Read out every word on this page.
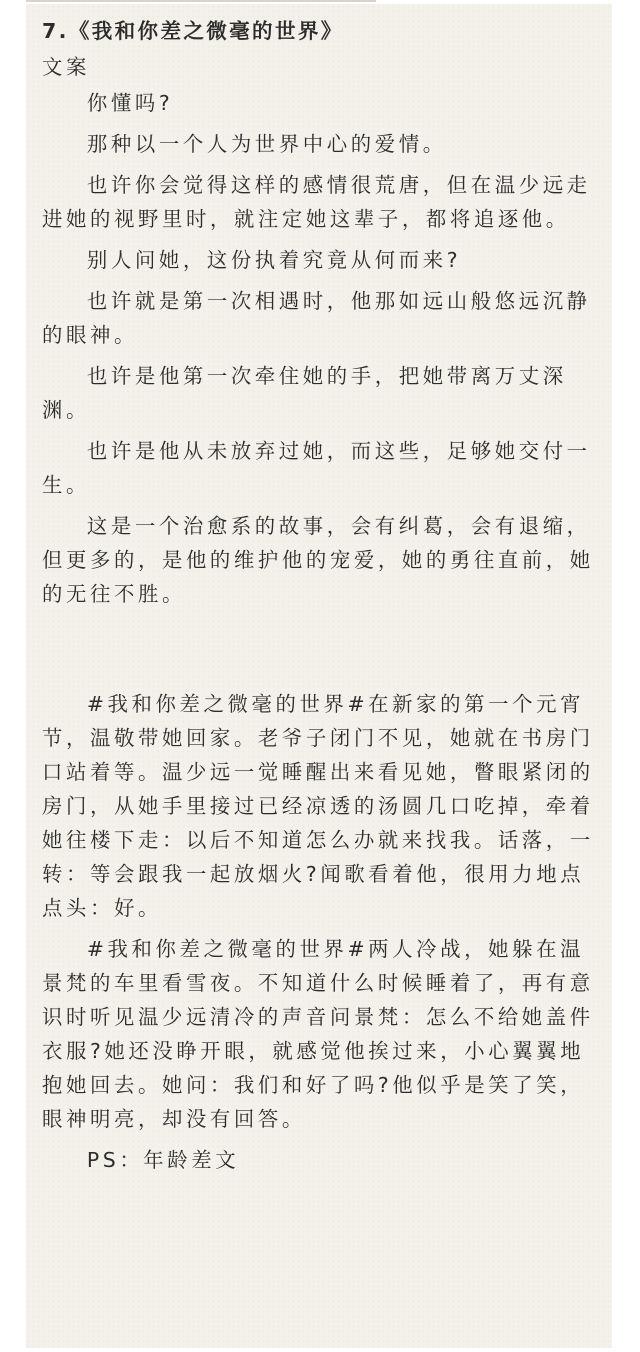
7.《我和你差之微毫的世界》
文案
你懂吗?
那种以一个人为世界中心的爱情。
也许你会觉得这样的感情很荒唐，但在温少远走进她的视野里时，就注定她这辈子，都将追逐他。
别人问她，这份执着究竟从何而来?
也许就是第一次相遇时，他那如远山般悠远沉静的眼神。
也许是他第一次牵住她的手，把她带离万丈深渊。
也许是他从未放弃过她，而这些，足够她交付一生。
这是一个治愈系的故事，会有纠葛，会有退缩，
但更多的，是他的维护他的宠爱，她的勇往直前，她的无往不胜。
#我和你差之微毫的世界#在新家的第一个元宵节，温敬带她回家。老爷子闭门不见，她就在书房门口站着等。温少远一觉睡醒出来看见她，瞥眼紧闭的房门，从她手里接过已经凉透的汤圆几口吃掉，牵着她往楼下走：以后不知道怎么办就来找我。话落，一转：等会跟我一起放烟火?闻歌看着他，很用力地点点头：好。
#我和你差之微毫的世界#两人冷战，她躲在温景梵的车里看雪夜。不知道什么时候睡着了，再有意识时听见温少远清冷的声音问景梵：怎么不给她盖件衣服?她还没睁开眼，就感觉他挨过来，小心翼翼地抱她回去。她问：我们和好了吗?他似乎是笑了笑，眼神明亮，却没有回答。
PS：年龄差文
